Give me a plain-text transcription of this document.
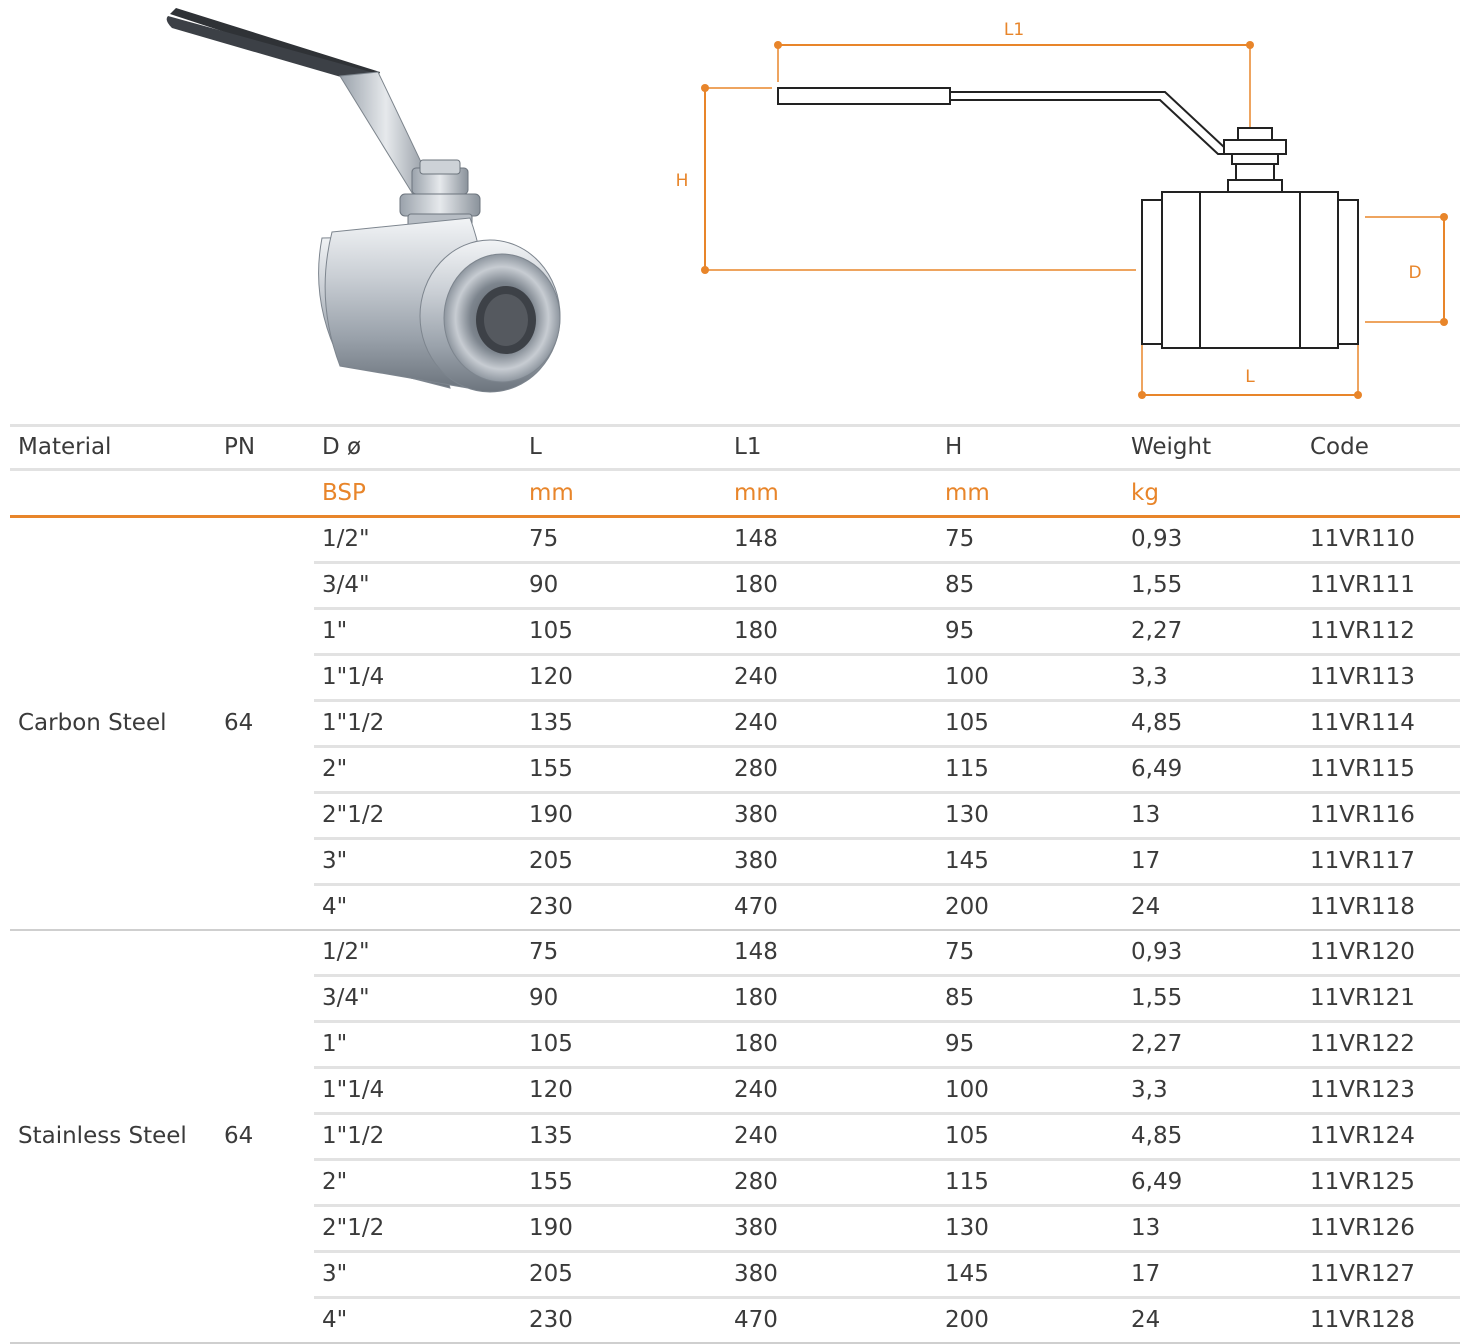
L1
H
D
L
Material	PN	D ø	L	L1	H	Weight	Code
		BSP	mm	mm	mm	kg	
Carbon Steel	64	1/2"	75	148	75	0,93	11VR110
		3/4"	90	180	85	1,55	11VR111
		1"	105	180	95	2,27	11VR112
		1"1/4	120	240	100	3,3	11VR113
		1"1/2	135	240	105	4,85	11VR114
		2"	155	280	115	6,49	11VR115
		2"1/2	190	380	130	13	11VR116
		3"	205	380	145	17	11VR117
		4"	230	470	200	24	11VR118
Stainless Steel	64	1/2"	75	148	75	0,93	11VR120
		3/4"	90	180	85	1,55	11VR121
		1"	105	180	95	2,27	11VR122
		1"1/4	120	240	100	3,3	11VR123
		1"1/2	135	240	105	4,85	11VR124
		2"	155	280	115	6,49	11VR125
		2"1/2	190	380	130	13	11VR126
		3"	205	380	145	17	11VR127
		4"	230	470	200	24	11VR128
